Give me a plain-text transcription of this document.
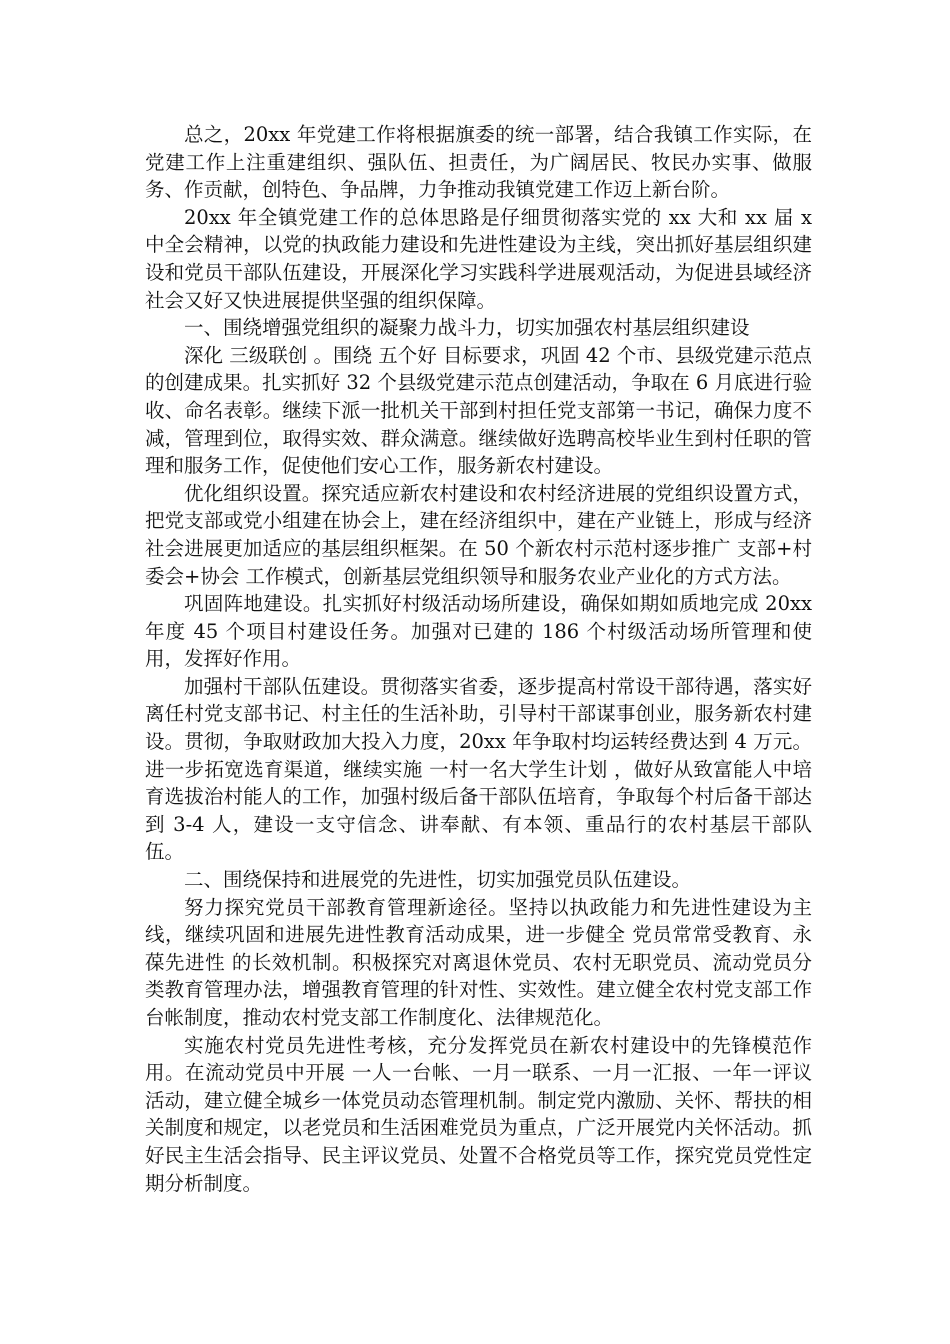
总之，20xx 年党建工作将根据旗委的统一部署，结合我镇工作实际，在党建工作上注重建组织、强队伍、担责任，为广阔居民、牧民办实事、做服务、作贡献，创特色、争品牌，力争推动我镇党建工作迈上新台阶。

20xx 年全镇党建工作的总体思路是仔细贯彻落实党的 xx 大和 xx 届 x 中全会精神，以党的执政能力建设和先进性建设为主线，突出抓好基层组织建设和党员干部队伍建设，开展深化学习实践科学进展观活动，为促进县域经济社会又好又快进展提供坚强的组织保障。

一、围绕增强党组织的凝聚力战斗力，切实加强农村基层组织建设

深化 三级联创 。围绕 五个好 目标要求，巩固 42 个市、县级党建示范点的创建成果。扎实抓好 32 个县级党建示范点创建活动，争取在 6 月底进行验收、命名表彰。继续下派一批机关干部到村担任党支部第一书记，确保力度不减，管理到位，取得实效、群众满意。继续做好选聘高校毕业生到村任职的管理和服务工作，促使他们安心工作，服务新农村建设。

优化组织设置。探究适应新农村建设和农村经济进展的党组织设置方式，把党支部或党小组建在协会上，建在经济组织中，建在产业链上，形成与经济社会进展更加适应的基层组织框架。在 50 个新农村示范村逐步推广 支部+村委会+协会 工作模式，创新基层党组织领导和服务农业产业化的方式方法。

巩固阵地建设。扎实抓好村级活动场所建设，确保如期如质地完成 20xx 年度 45 个项目村建设任务。加强对已建的 186 个村级活动场所管理和使用，发挥好作用。

加强村干部队伍建设。贯彻落实省委，逐步提高村常设干部待遇，落实好离任村党支部书记、村主任的生活补助，引导村干部谋事创业，服务新农村建设。贯彻，争取财政加大投入力度，20xx 年争取村均运转经费达到 4 万元。进一步拓宽选育渠道，继续实施 一村一名大学生计划 ，做好从致富能人中培育选拔治村能人的工作，加强村级后备干部队伍培育，争取每个村后备干部达到 3-4 人，建设一支守信念、讲奉献、有本领、重品行的农村基层干部队伍。

二、围绕保持和进展党的先进性，切实加强党员队伍建设。

努力探究党员干部教育管理新途径。坚持以执政能力和先进性建设为主线，继续巩固和进展先进性教育活动成果，进一步健全 党员常常受教育、永葆先进性 的长效机制。积极探究对离退休党员、农村无职党员、流动党员分类教育管理办法，增强教育管理的针对性、实效性。建立健全农村党支部工作台帐制度，推动农村党支部工作制度化、法律规范化。

实施农村党员先进性考核，充分发挥党员在新农村建设中的先锋模范作用。在流动党员中开展 一人一台帐、一月一联系、一月一汇报、一年一评议 活动，建立健全城乡一体党员动态管理机制。制定党内激励、关怀、帮扶的相关制度和规定，以老党员和生活困难党员为重点，广泛开展党内关怀活动。抓好民主生活会指导、民主评议党员、处置不合格党员等工作，探究党员党性定期分析制度。
